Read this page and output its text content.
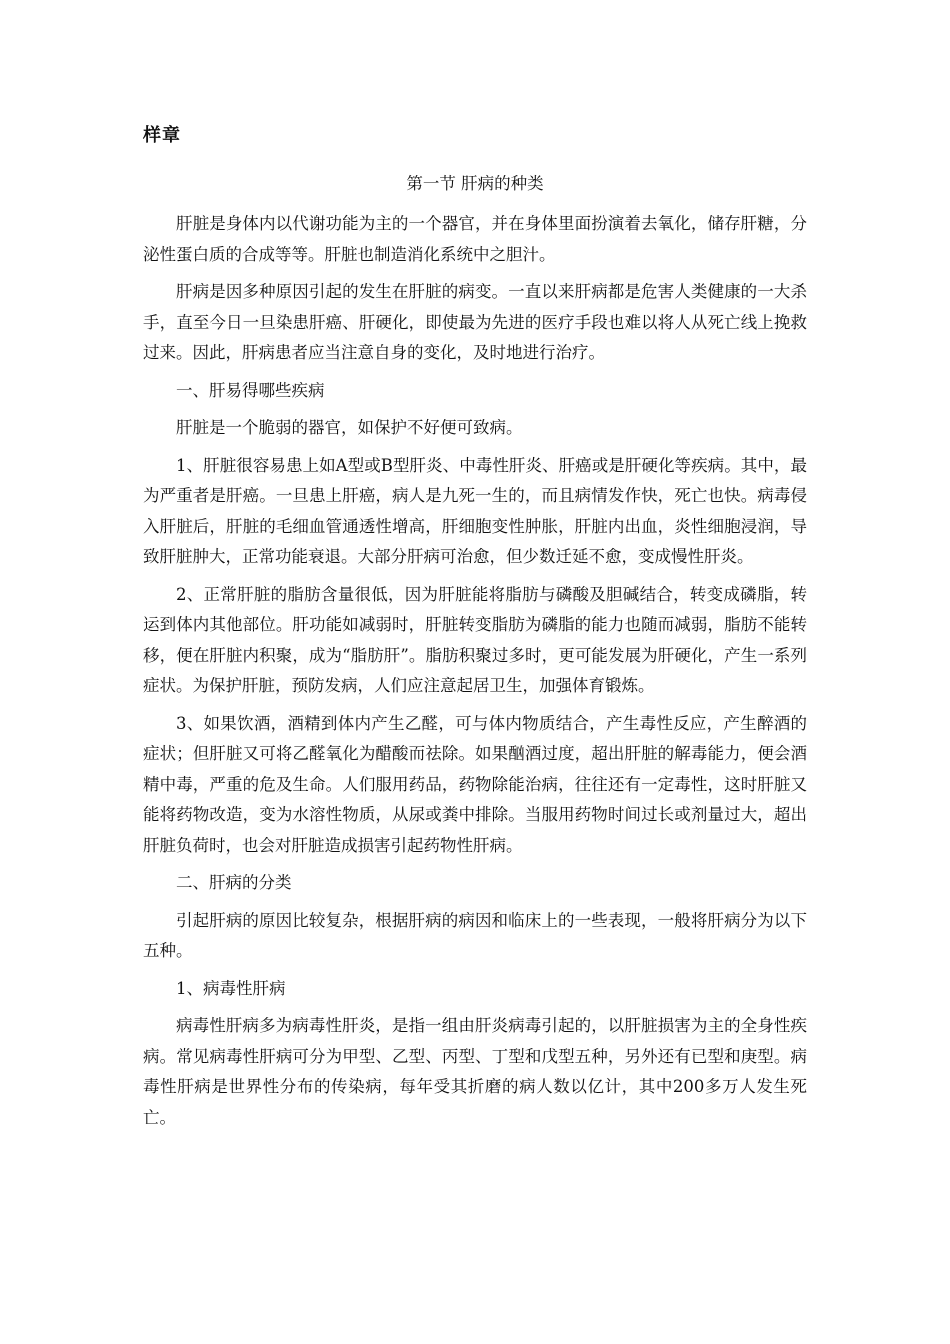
样章
第一节 肝病的种类

肝脏是身体内以代谢功能为主的一个器官，并在身体里面扮演着去氧化，储存肝糖，分泌性蛋白质的合成等等。肝脏也制造消化系统中之胆汁。

肝病是因多种原因引起的发生在肝脏的病变。一直以来肝病都是危害人类健康的一大杀手，直至今日一旦染患肝癌、肝硬化，即使最为先进的医疗手段也难以将人从死亡线上挽救过来。因此，肝病患者应当注意自身的变化，及时地进行治疗。

一、肝易得哪些疾病

肝脏是一个脆弱的器官，如保护不好便可致病。

1、肝脏很容易患上如A型或B型肝炎、中毒性肝炎、肝癌或是肝硬化等疾病。其中，最为严重者是肝癌。一旦患上肝癌，病人是九死一生的，而且病情发作快，死亡也快。病毒侵入肝脏后，肝脏的毛细血管通透性增高，肝细胞变性肿胀，肝脏内出血，炎性细胞浸润，导致肝脏肿大，正常功能衰退。大部分肝病可治愈，但少数迁延不愈，变成慢性肝炎。

2、正常肝脏的脂肪含量很低，因为肝脏能将脂肪与磷酸及胆碱结合，转变成磷脂，转运到体内其他部位。肝功能如减弱时，肝脏转变脂肪为磷脂的能力也随而减弱，脂肪不能转移，便在肝脏内积聚，成为“脂肪肝”。脂肪积聚过多时，更可能发展为肝硬化，产生一系列症状。为保护肝脏，预防发病，人们应注意起居卫生，加强体育锻炼。

3、如果饮酒，酒精到体内产生乙醛，可与体内物质结合，产生毒性反应，产生醉酒的症状；但肝脏又可将乙醛氧化为醋酸而祛除。如果酗酒过度，超出肝脏的解毒能力，便会酒精中毒，严重的危及生命。人们服用药品，药物除能治病，往往还有一定毒性，这时肝脏又能将药物改造，变为水溶性物质，从尿或粪中排除。当服用药物时间过长或剂量过大，超出肝脏负荷时，也会对肝脏造成损害引起药物性肝病。

二、肝病的分类

引起肝病的原因比较复杂，根据肝病的病因和临床上的一些表现，一般将肝病分为以下五种。

1、病毒性肝病

病毒性肝病多为病毒性肝炎，是指一组由肝炎病毒引起的，以肝脏损害为主的全身性疾病。常见病毒性肝病可分为甲型、乙型、丙型、丁型和戊型五种，另外还有已型和庚型。病毒性肝病是世界性分布的传染病，每年受其折磨的病人数以亿计，其中200多万人发生死亡。
